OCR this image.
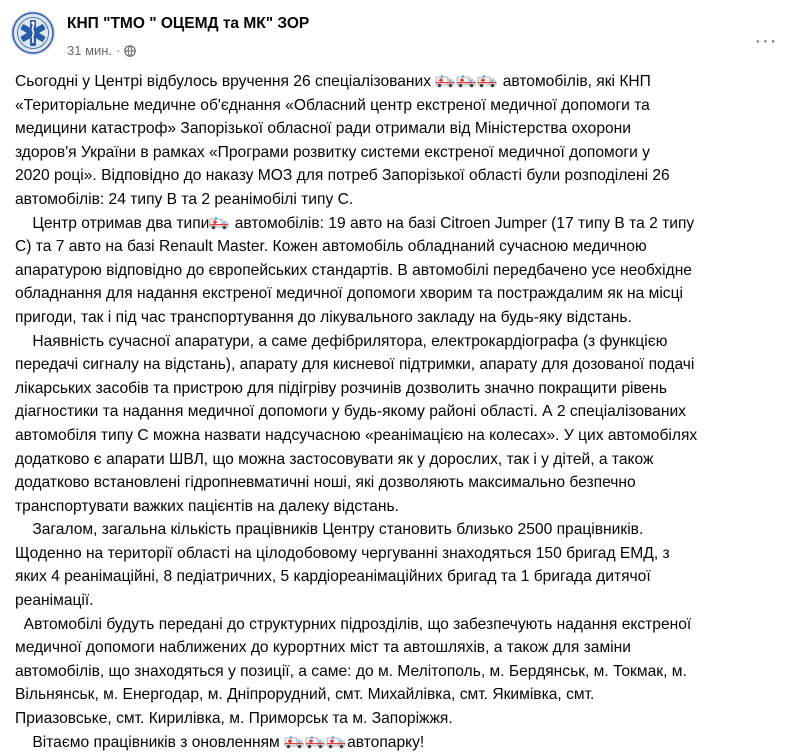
КНП "ТМО " ОЦЕМД та МК" ЗОР
31 мин. ·	···
Сьогодні у Центрі відбулось вручення 26 спеціалізованих	автомобілів, які КНП
«Територіальне медичне об'єднання «Обласний центр екстреної медичної допомоги та
медицини катастроф» Запорізької обласної ради отримали від Міністерства охорони
здоров'я України в рамках «Програми розвитку системи екстреної медичної допомоги у
2020 році». Відповідно до наказу МОЗ для потреб Запорізької області були розподілені 26
автомобілів: 24 типу В та 2 реанімобілі типу С.
Центр отримав два типи автомобілів: 19 авто на базі Citroen Jumper (17 типу В та 2 типу
С) та 7 авто на базі Renault Master. Кожен автомобіль обладнаний сучасною медичною
апаратурою відповідно до європейських стандартів. В автомобілі передбачено усе необхідне
обладнання для надання екстреної медичної допомоги хворим та постраждалим як на місці
пригоди, так і під час транспортування до лікувального закладу на будь-яку відстань.
Наявність сучасної апаратури, а саме дефібрилятора, електрокардіографа (з функцією
передачі сигналу на відстань), апарату для кисневої підтримки, апарату для дозованої подачі
лікарських засобів та пристрою для підігріву розчинів дозволить значно покращити рівень
діагностики та надання медичної допомоги у будь-якому районі області. А 2 спеціалізованих
автомобіля типу С можна назвати надсучасною «реанімацією на колесах». У цих автомобілях
додатково є апарати ШВЛ, що можна застосовувати як у дорослих, так і у дітей, а також
додатково встановлені гідропневматичні ноші, які дозволяють максимально безпечно
транспортувати важких пацієнтів на далеку відстань.
Загалом, загальна кількість працівників Центру становить близько 2500 працівників.
Щоденно на території області на цілодобовому чергуванні знаходяться 150 бригад ЕМД, з
яких 4 реанімаційні, 8 педіатричних, 5 кардіореанімаційних бригад та 1 бригада дитячої
реанімації.
Автомобілі будуть передані до структурних підрозділів, що забезпечують надання екстреної
медичної допомоги наближених до курортних міст та автошляхів, а також для заміни
автомобілів, що знаходяться у позиції, а саме: до м. Мелітополь, м. Бердянськ, м. Токмак, м.
Вільнянськ, м. Енергодар, м. Дніпрорудний, смт. Михайлівка, смт. Якимівка, смт.
Приазовське, смт. Кирилівка, м. Приморськ та м. Запоріжжя.
Вітаємо працівників з оновленням	автопарку!
